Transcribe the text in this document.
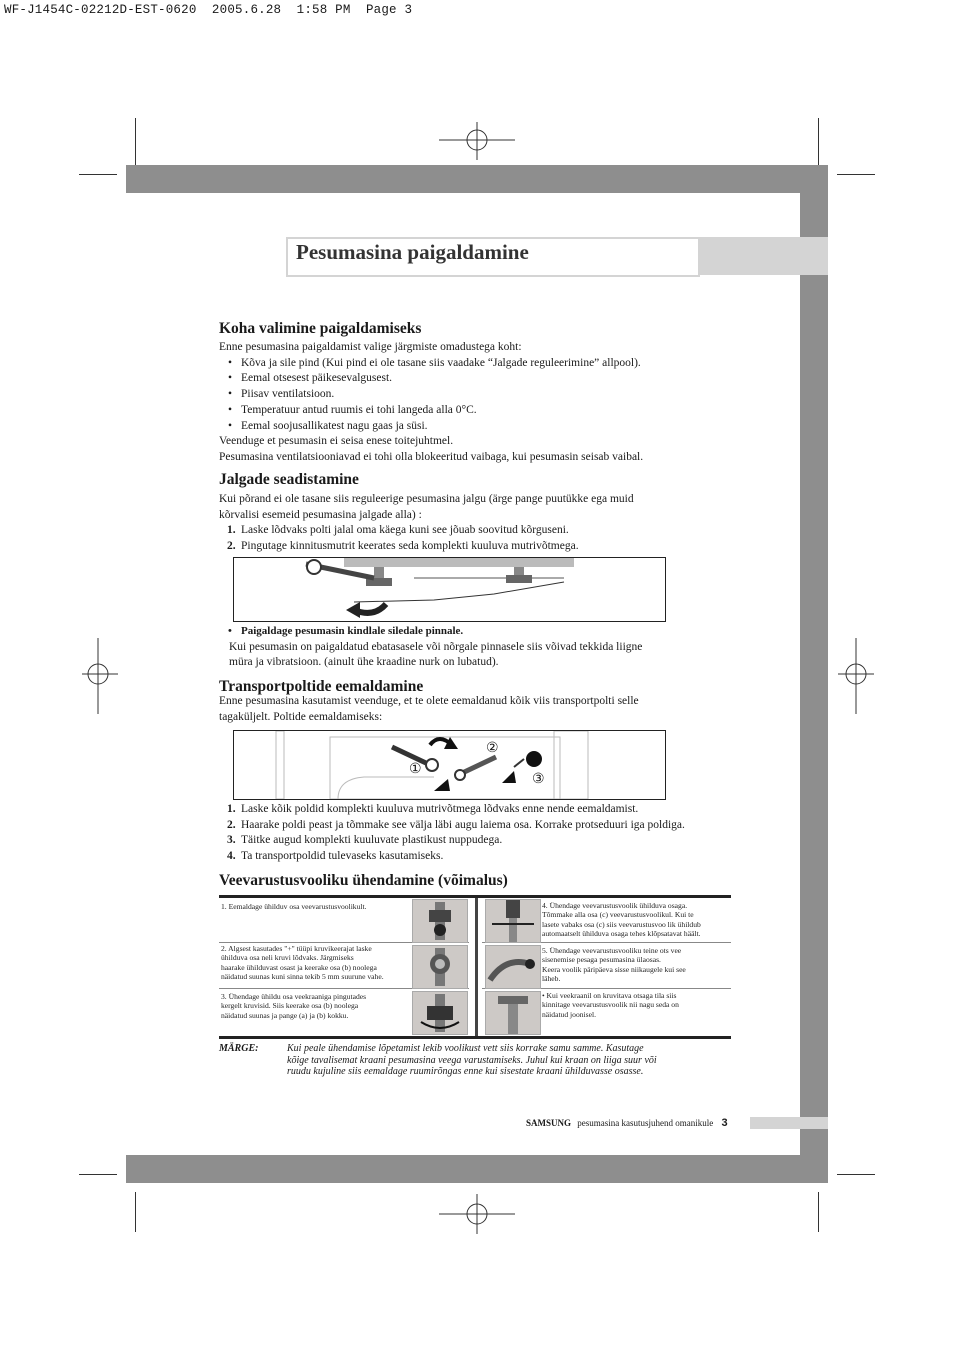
WF-J1454C-02212D-EST-0620  2005.6.28  1:58 PM  Page 3
Pesumasina paigaldamine
Koha valimine paigaldamiseks
Enne pesumasina paigaldamist valige järgmiste omadustega koht:
• Kõva ja sile pind (Kui pind ei ole tasane siis vaadake “Jalgade reguleerimine” allpool).
• Eemal otsesest päikesevalgusest.
• Piisav ventilatsioon.
• Temperatuur antud ruumis ei tohi langeda alla 0°C.
• Eemal soojusallikatest nagu gaas ja süsi.
Veenduge et pesumasin ei seisa enese toitejuhtmel.
Pesumasina ventilatsiooniavad ei tohi olla blokeeritud vaibaga, kui pesumasin seisab vaibal.
Jalgade seadistamine
Kui põrand ei ole tasane siis reguleerige pesumasina jalgu (ärge pange puutükke ega muid
kõrvalisi esemeid pesumasina jalgade alla) :
1. Laske lõdvaks polti jalal oma käega kuni see jõuab soovitud kõrguseni.
2. Pingutage kinnitusmutrit keerates seda komplekti kuuluva mutrivõtmega.
• Paigaldage pesumasin kindlale siledale pinnale.
Kui pesumasin on paigaldatud ebatasasele või nõrgale pinnasele siis võivad tekkida liigne
müra ja vibratsioon. (ainult ühe kraadine nurk on lubatud).
Transportpoltide eemaldamine
Enne pesumasina kasutamist veenduge, et te olete eemaldanud kõik viis transportpolti selle
tagaküljelt. Poltide eemaldamiseks:
①
②
③
1. Laske kõik poldid komplekti kuuluva mutrivõtmega lõdvaks enne nende eemaldamist.
2. Haarake poldi peast ja tõmmake see välja läbi augu laiema osa. Korrake protseduuri iga poldiga.
3. Täitke augud komplekti kuuluvate plastikust nuppudega.
4. Ta transportpoldid tulevaseks kasutamiseks.
Veevarustusvooliku ühendamine (võimalus)
1. Eemaldage ühilduv osa veevarustusvoolikult.
2. Algsest kasutades "+" tüüpi kruvikeerajat laske
ühilduva osa neli kruvi lõdvaks. Järgmiseks
haarake ühilduvast osast ja keerake osa (b) noolega
näidatud suunas kuni sinna tekib 5 mm suurune vahe.
3. Ühendage ühildu osa veekraaniga pingutades
kergelt kruvisid. Siis keerake osa (b) noolega
näidatud suunas ja pange (a) ja (b) kokku.
4. Ühendage veevarustusvoolik ühilduva osaga.
Tõmmake alla osa (c) veevarustusvoolikul. Kui te
lasete vabaks osa (c) siis veevarustusvoo lik ühildub
automaatselt ühilduva osaga tehes klõpsatavat häält.
5. Ühendage veevarustusvooliku teine ots vee
sisenemise pesaga pesumasina ülaosas.
Keera voolik päripäeva sisse niikaugele kui see
läheb.
• Kui veekraanil on kruvitava otsaga tila siis
kinnitage veevarustusvoolik nii nagu seda on
näidatud joonisel.
MÄRGE:	Kui peale ühendamise lõpetamist lekib voolikust vett siis korrake samu samme. Kasutage
kõige tavalisemat kraani pesumasina veega varustamiseks. Juhul kui kraan on liiga suur või
ruudu kujuline siis eemaldage ruumirõngas enne kui sisestate kraani ühilduvasse osasse.
SAMSUNG pesumasina kasutusjuhend omanikule 3
